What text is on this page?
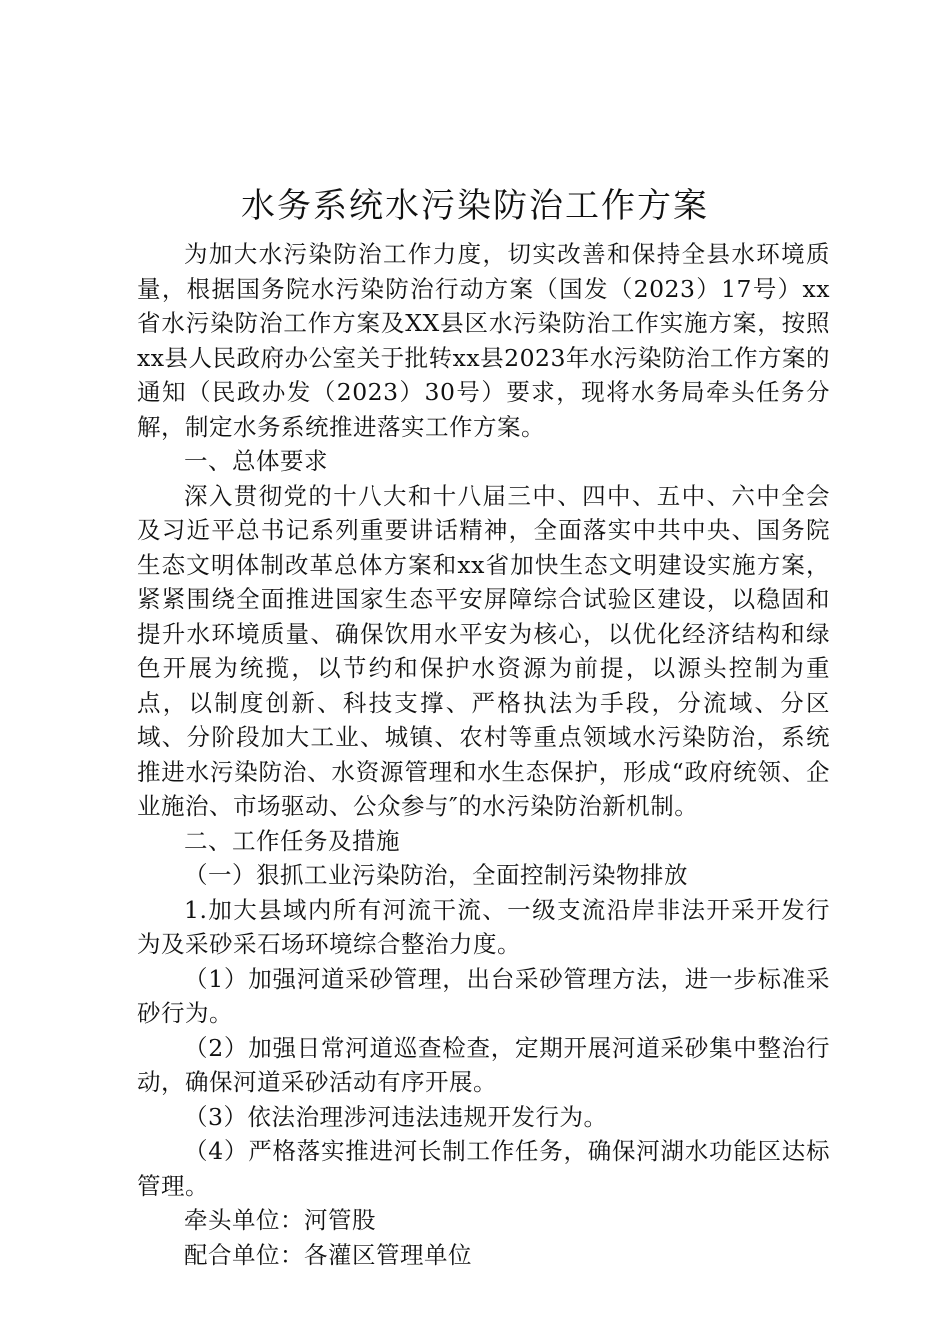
水务系统水污染防治工作方案

为加大水污染防治工作力度，切实改善和保持全县水环境质量，根据国务院水污染防治行动方案（国发（2023）17号）xx省水污染防治工作方案及XX县区水污染防治工作实施方案，按照xx县人民政府办公室关于批转xx县2023年水污染防治工作方案的通知（民政办发（2023）30号）要求，现将水务局牵头任务分解，制定水务系统推进落实工作方案。

一、总体要求

深入贯彻党的十八大和十八届三中、四中、五中、六中全会及习近平总书记系列重要讲话精神，全面落实中共中央、国务院生态文明体制改革总体方案和xx省加快生态文明建设实施方案，紧紧围绕全面推进国家生态平安屏障综合试验区建设，以稳固和提升水环境质量、确保饮用水平安为核心，以优化经济结构和绿色开展为统揽，以节约和保护水资源为前提，以源头控制为重点，以制度创新、科技支撑、严格执法为手段，分流域、分区域、分阶段加大工业、城镇、农村等重点领域水污染防治，系统推进水污染防治、水资源管理和水生态保护，形成“政府统领、企业施治、市场驱动、公众参与″的水污染防治新机制。

二、工作任务及措施

（一）狠抓工业污染防治，全面控制污染物排放

1.加大县域内所有河流干流、一级支流沿岸非法开采开发行为及采砂采石场环境综合整治力度。

（1）加强河道采砂管理，出台采砂管理方法，进一步标准采砂行为。

（2）加强日常河道巡查检查，定期开展河道采砂集中整治行动，确保河道采砂活动有序开展。

（3）依法治理涉河违法违规开发行为。

（4）严格落实推进河长制工作任务，确保河湖水功能区达标管理。

牵头单位：河管股

配合单位：各灌区管理单位
